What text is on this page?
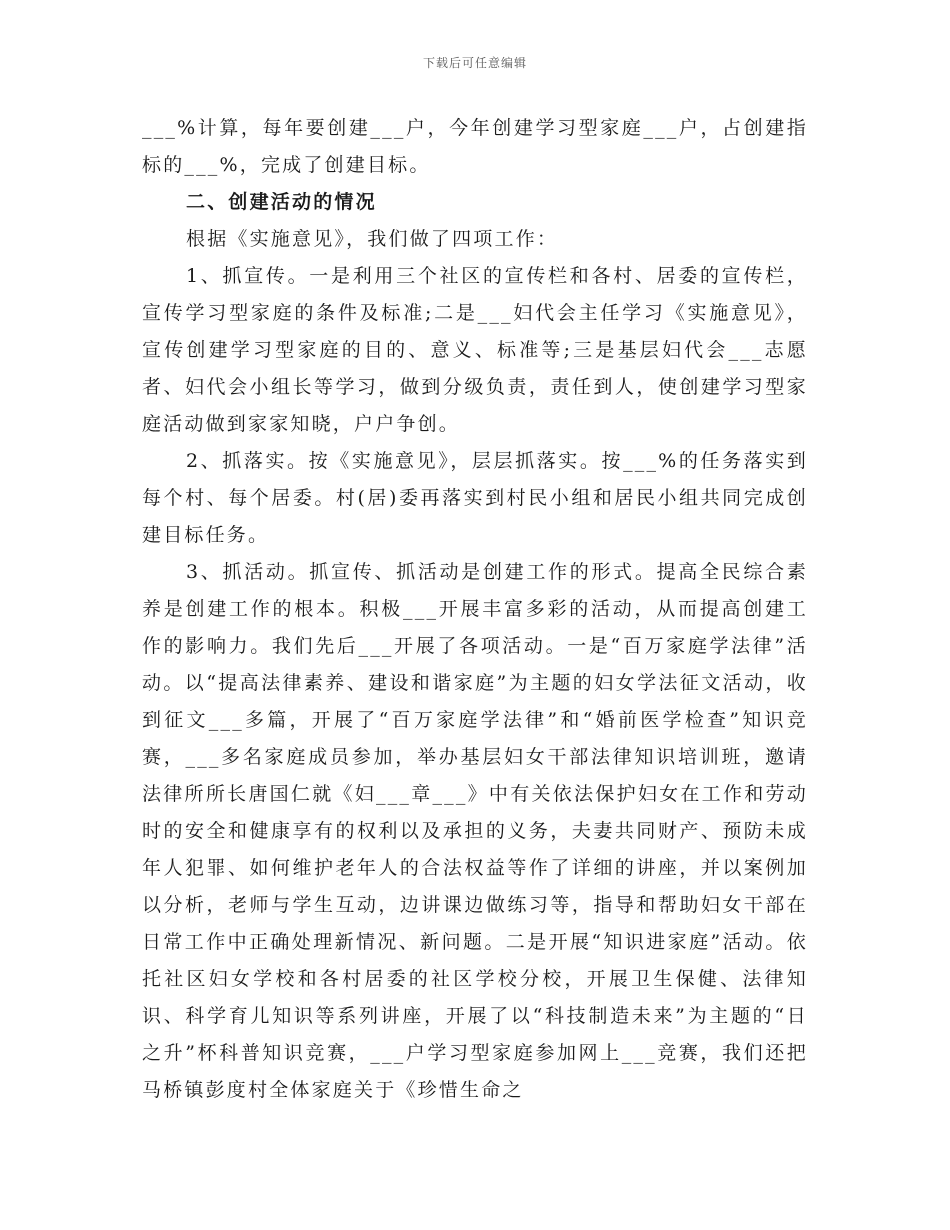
下载后可任意编辑

___%计算，每年要创建___户，今年创建学习型家庭___户，占创建指标的___%，完成了创建目标。

二、创建活动的情况

根据《实施意见》，我们做了四项工作：

1、抓宣传。一是利用三个社区的宣传栏和各村、居委的宣传栏，宣传学习型家庭的条件及标准;二是___妇代会主任学习《实施意见》，宣传创建学习型家庭的目的、意义、标准等;三是基层妇代会___志愿者、妇代会小组长等学习，做到分级负责，责任到人，使创建学习型家庭活动做到家家知晓，户户争创。

2、抓落实。按《实施意见》，层层抓落实。按___%的任务落实到每个村、每个居委。村(居)委再落实到村民小组和居民小组共同完成创建目标任务。

3、抓活动。抓宣传、抓活动是创建工作的形式。提高全民综合素养是创建工作的根本。积极___开展丰富多彩的活动，从而提高创建工作的影响力。我们先后___开展了各项活动。一是“百万家庭学法律”活动。以“提高法律素养、建设和谐家庭”为主题的妇女学法征文活动，收到征文___多篇，开展了“百万家庭学法律”和“婚前医学检查”知识竞赛，___多名家庭成员参加，举办基层妇女干部法律知识培训班，邀请法律所所长唐国仁就《妇___章___》中有关依法保护妇女在工作和劳动时的安全和健康享有的权利以及承担的义务，夫妻共同财产、预防未成年人犯罪、如何维护老年人的合法权益等作了详细的讲座，并以案例加以分析，老师与学生互动，边讲课边做练习等，指导和帮助妇女干部在日常工作中正确处理新情况、新问题。二是开展“知识进家庭”活动。依托社区妇女学校和各村居委的社区学校分校，开展卫生保健、法律知识、科学育儿知识等系列讲座，开展了以“科技制造未来”为主题的“日之升”杯科普知识竞赛，___户学习型家庭参加网上___竞赛，我们还把马桥镇彭度村全体家庭关于《珍惜生命之
